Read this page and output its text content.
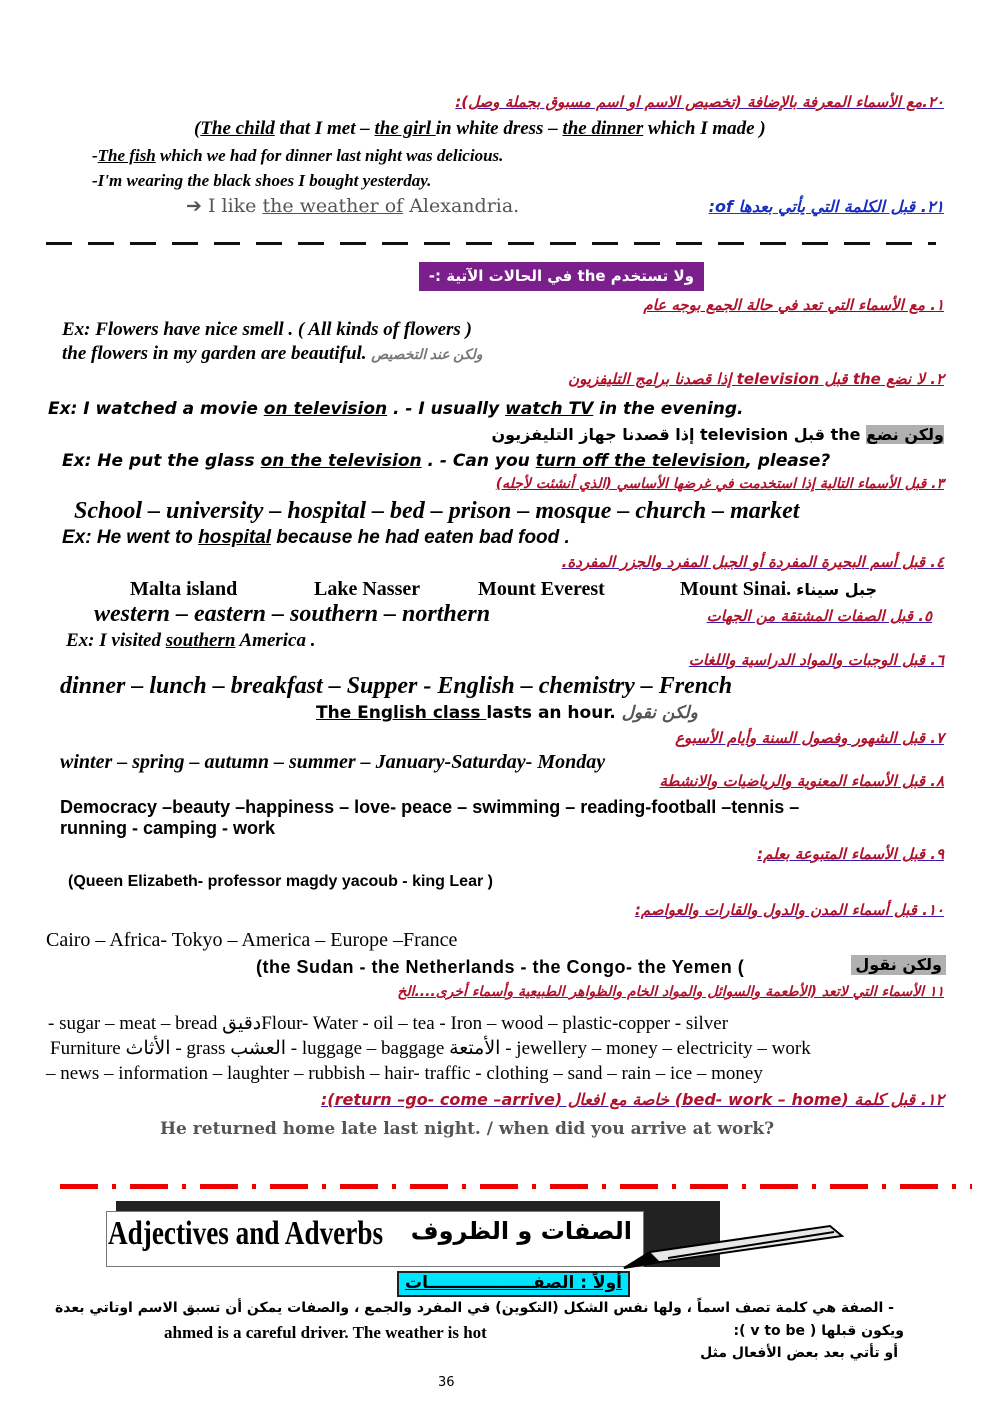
٢٠.مع الأسماء المعرفة بالإضافة (تخصيص الاسم او اسم مسبوق بجملة وصل):
(The child that I met – the girl in white dress – the dinner which I made )
-The fish which we had for dinner last night was delicious.
-I'm wearing the black shoes I bought yesterday.
➔ I like the weather of Alexandria.	٢١. قبل الكلمة التي يأتي بعدها of:
ولا تستخدم the في الحالات الآتية :-
١. مع الأسماء التي تعد في حالة الجمع بوجه عام
Ex: Flowers have nice smell . ( All kinds of flowers )
the flowers in my garden are beautiful. ولكن عند التخصيص
٢. لا نضع the قبل television إذا قصدنا برامج التليفزيون
Ex: I watched a movie on television . - I usually watch TV in the evening.
ولكن نضع the قبل television إذا قصدنا جهاز التليفزيون
Ex: He put the glass on the television . - Can you turn off the television, please?
٣. قبل الأسماء التالية إذا استخدمت في غرضها الأساسي (الذي أنشئت لأجله)
School – university – hospital – bed – prison – mosque – church – market
Ex: He went to hospital because he had eaten bad food .
٤. قبل أسم البحيرة المفردة أو الجبل المفرد والجزر المفردة.
Malta island	Lake Nasser	Mount Everest	Mount Sinai. جبل سيناء
western – eastern – southern – northern	٥. قبل الصفات المشتقة من الجهات
Ex: I visited southern America .
٦. قبل الوجبات والمواد الدراسية واللغات
dinner – lunch – breakfast – Supper - English – chemistry – French
The English class lasts an hour. ولكن نقول
٧. قبل الشهور وفصول السنة وأيام الأسبوع
winter – spring – autumn – summer – January-Saturday- Monday
٨. قبل الأسماء المعنوية والرياضيات والانشطة
Democracy –beauty –happiness – love- peace – swimming – reading-football –tennis –
running - camping - work
٩. قبل الأسماء المتبوعة بعلم:
(Queen Elizabeth- professor magdy yacoub - king Lear )
١٠. قبل أسماء المدن والدول والقارات والعواصم:
Cairo – Africa- Tokyo – America – Europe –France
(the Sudan - the Netherlands - the Congo- the Yemen (	ولكن نقول
١١ الأسماء التي لاتعد (الأطعمة والسوائل والمواد الخام والظواهر الطبيعية وأسماء أخرى....الخ
- sugar – meat – bread دقيقFlour- Water - oil – tea - Iron – wood – plastic-copper - silver
Furniture الأثاث - grass العشب - luggage – baggage الأمتعة - jewellery – money – electricity – work
– news – information – laughter – rubbish – hair- traffic - clothing – sand – rain – ice – money
١٢. قبل كلمة (bed- work – home) خاصة مع افعال (return –go- come –arrive):
He returned home late last night. / when did you arrive at work?
Adjectives and Adverbs الصفات و الظروف
أولاً : الصفــــــــــــــــــات
- الصفة هي كلمة تصف اسماً ، ولها نفس الشكل (التكوين) في المفرد والجمع ، والصفات يمكن أن تسبق الاسم اوتاتي بعدة
ahmed is a careful driver. The weather is hot	ويكون قبلها ( v to be ):
أو تأتي بعد بعض الأفعال مثل
36
